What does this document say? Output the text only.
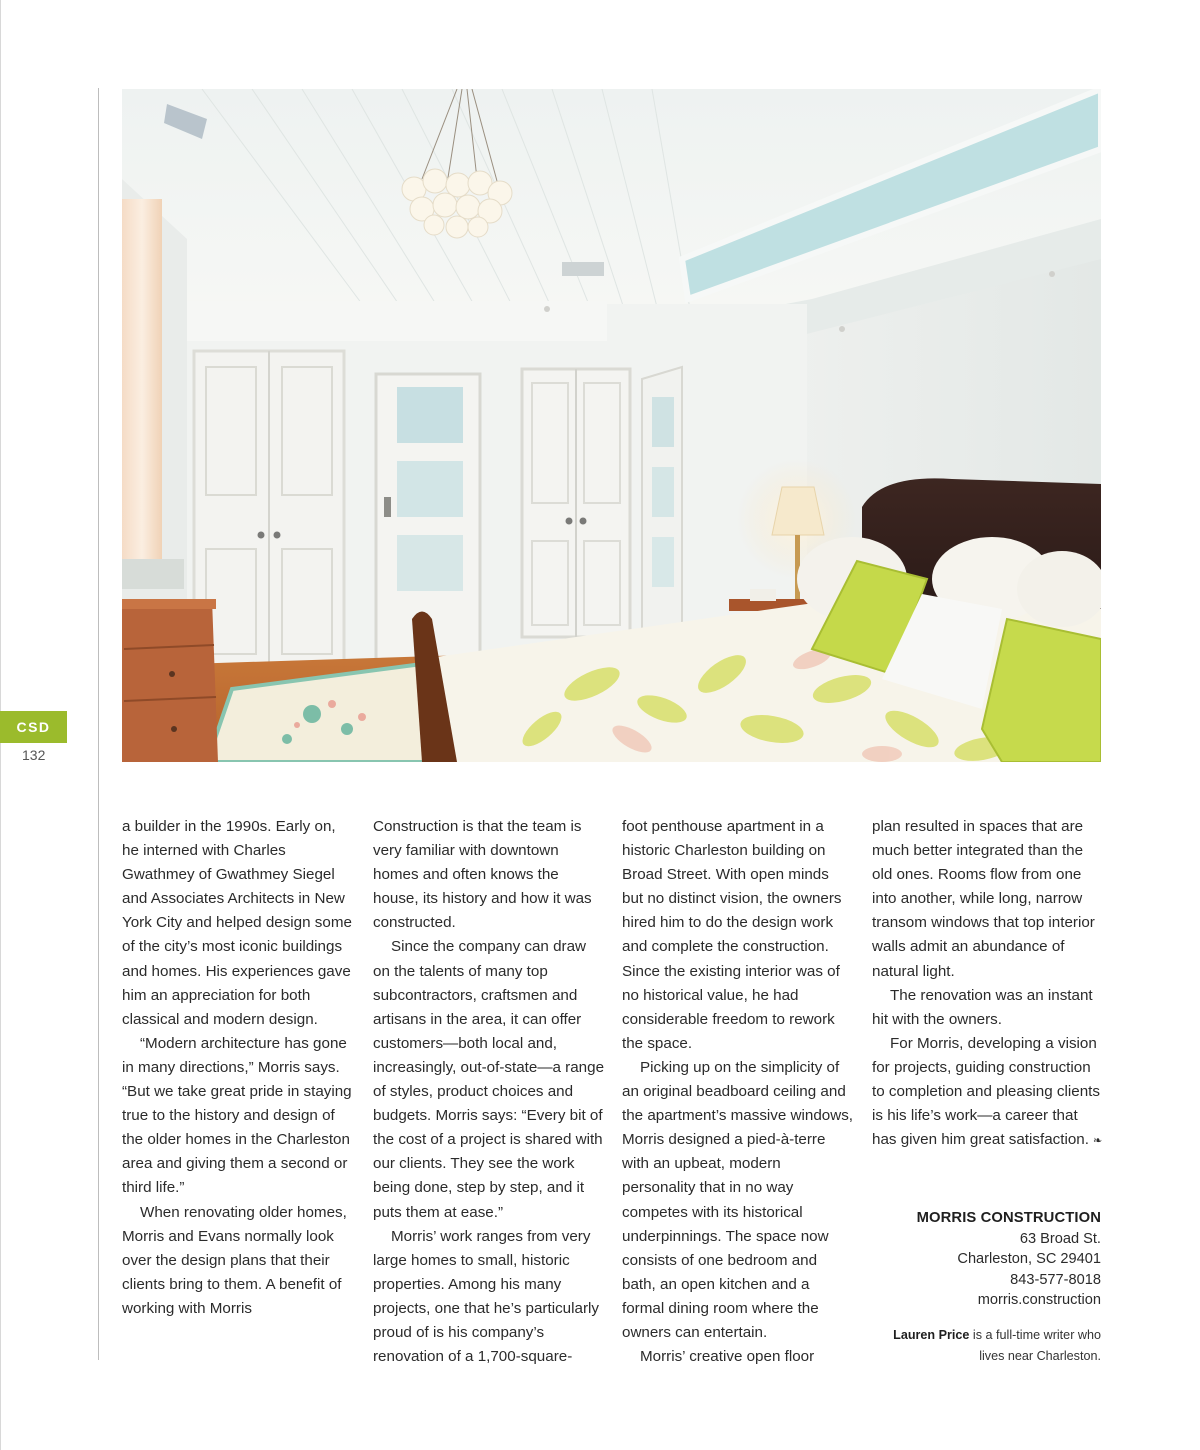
CSD
132

a builder in the 1990s. Early on, he interned with Charles Gwathmey of Gwathmey Siegel and Associates Architects in New York City and helped design some of the city’s most iconic buildings and homes. His experiences gave him an appreciation for both classical and modern design.

“Modern architecture has gone in many directions,” Morris says. “But we take great pride in staying true to the history and design of the older homes in the Charleston area and giving them a second or third life.”

When renovating older homes, Morris and Evans normally look over the design plans that their clients bring to them. A benefit of working with Morris

Construction is that the team is very familiar with downtown homes and often knows the house, its history and how it was constructed.

Since the company can draw on the talents of many top subcontractors, craftsmen and artisans in the area, it can offer customers—both local and, increasingly, out-of-state—a range of styles, product choices and budgets. Morris says: “Every bit of the cost of a project is shared with our clients. They see the work being done, step by step, and it puts them at ease.”

Morris’ work ranges from very large homes to small, historic properties. Among his many projects, one that he’s particularly proud of is his company’s renovation of a 1,700-square-

foot penthouse apartment in a historic Charleston building on Broad Street. With open minds but no distinct vision, the owners hired him to do the design work and complete the construction. Since the existing interior was of no historical value, he had considerable freedom to rework the space.

Picking up on the simplicity of an original beadboard ceiling and the apartment’s massive windows, Morris designed a pied-à-terre with an upbeat, modern personality that in no way competes with its historical underpinnings. The space now consists of one bedroom and bath, an open kitchen and a formal dining room where the owners can entertain.

Morris’ creative open floor

plan resulted in spaces that are much better integrated than the old ones. Rooms flow from one into another, while long, narrow transom windows that top interior walls admit an abundance of natural light.

The renovation was an instant hit with the owners.

For Morris, developing a vision for projects, guiding construction to completion and pleasing clients is his life’s work—a career that has given him great satisfaction. ❧

MORRIS CONSTRUCTION
63 Broad St.
Charleston, SC 29401
843-577-8018
morris.construction
Lauren Price is a full-time writer who lives near Charleston.
